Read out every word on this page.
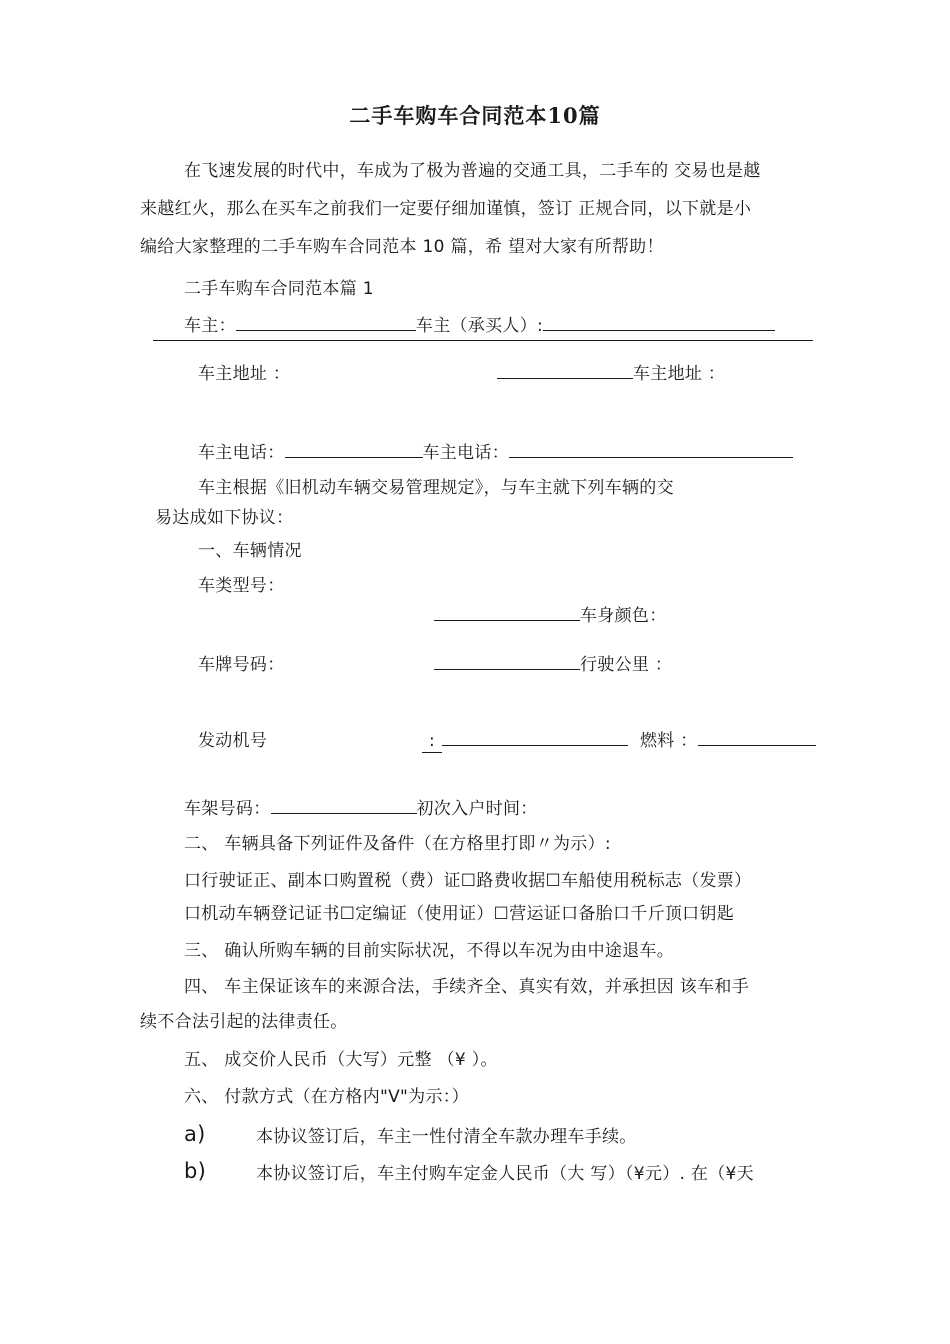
二手车购车合同范本10篇
在飞速发展的时代中，车成为了极为普遍的交通工具，二手车的 交易也是越
来越红火，那么在买车之前我们一定要仔细加谨慎，签订 正规合同，以下就是小
编给大家整理的二手车购车合同范本 10 篇，希 望对大家有所帮助！
二手车购车合同范本篇 1
车主：	车主（承买人）:
车主地址 ：	车主地址 ：
车主电话：	车主电话：
车主根据《旧机动车辆交易管理规定》，与车主就下列车辆的交
易达成如下协议：
一、车辆情况
车类型号：
车身颜色：
车牌号码：	行驶公里 ：
发动机号	:	燃料 ：
车架号码：	初次入户时间：
二、 车辆具备下列证件及备件（在方格里打即〃为示）:
口行驶证正、副本口购置税（费）证☐路费收据☐车船使用税标志（发票）
口机动车辆登记证书☐定编证（使用证）☐营运证口备胎口千斤顶口钥匙
三、 确认所购车辆的目前实际状况，不得以车况为由中途退车。
四、 车主保证该车的来源合法，手续齐全、真实有效，并承担因 该车和手
续不合法引起的法律责任。
五、 成交价人民币（大写）元整 （¥ ）。
六、 付款方式（在方格内"V"为示：）
a)	本协议签订后，车主一性付清全车款办理车手续。
b)	本协议签订后，车主付购车定金人民币（大 写）（¥元）. 在（¥天
